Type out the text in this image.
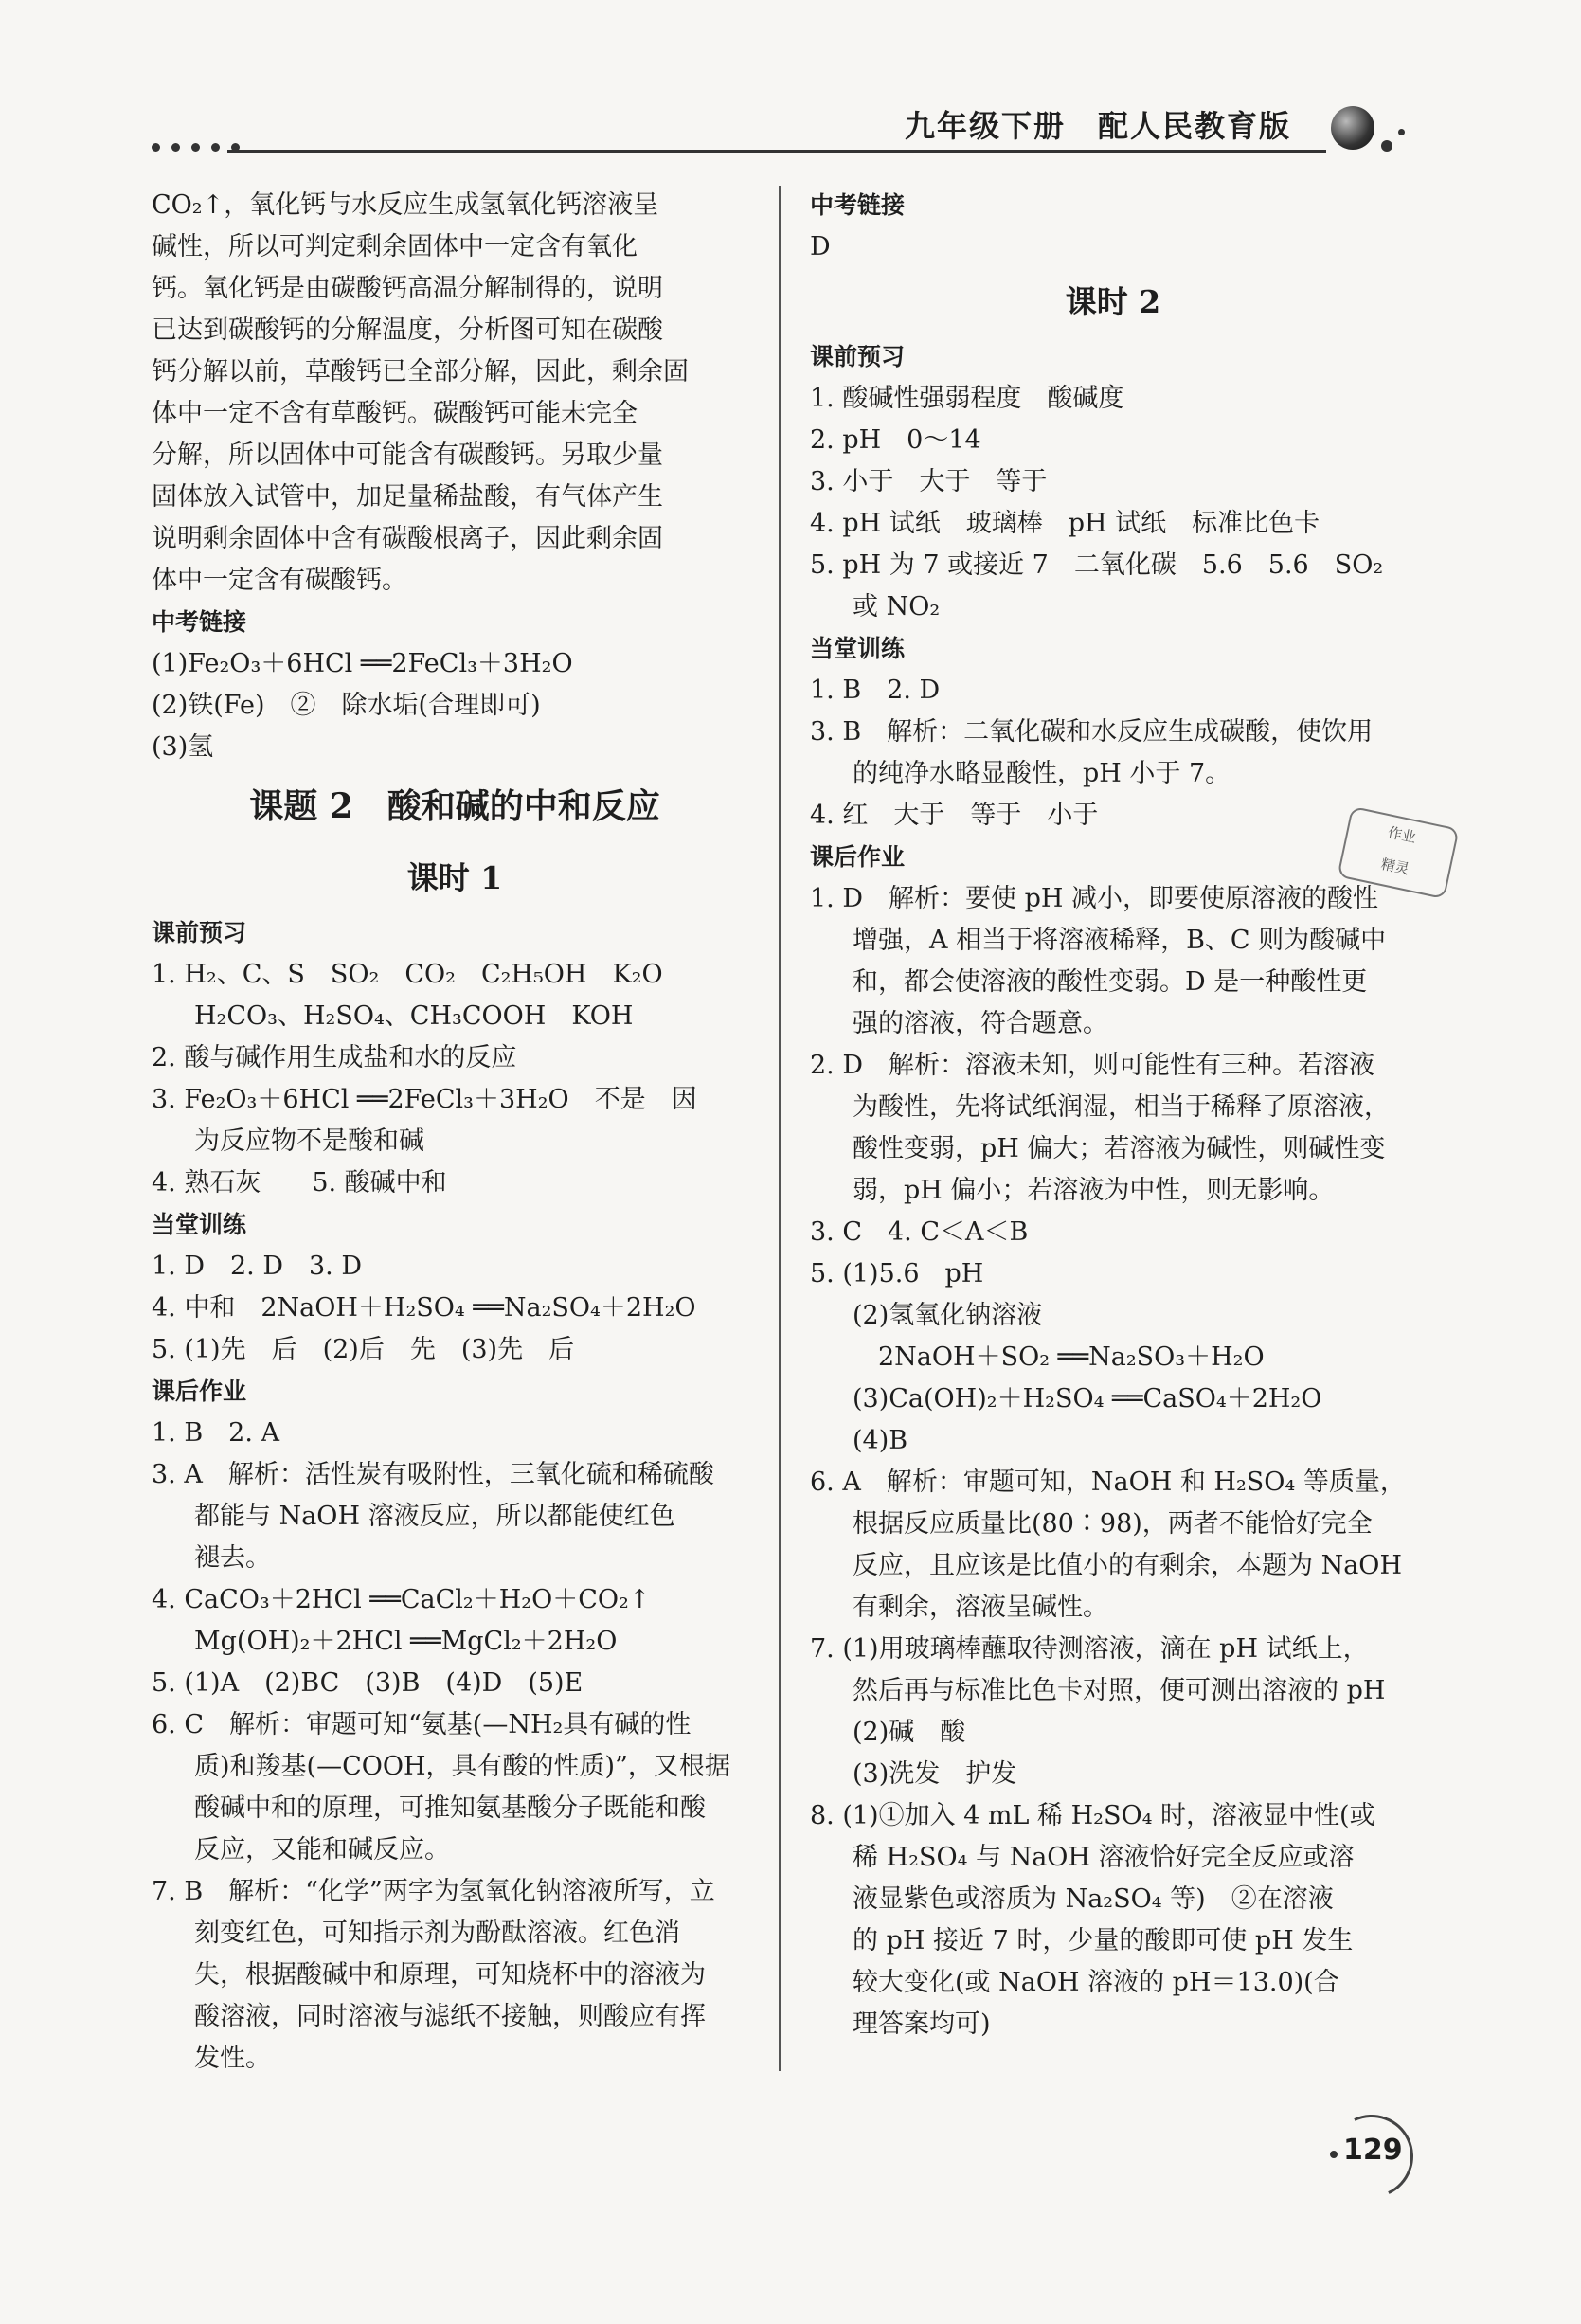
九年级下册　配人民教育版
CO₂↑，氧化钙与水反应生成氢氧化钙溶液呈
碱性，所以可判定剩余固体中一定含有氧化
钙。氧化钙是由碳酸钙高温分解制得的，说明
已达到碳酸钙的分解温度，分析图可知在碳酸
钙分解以前，草酸钙已全部分解，因此，剩余固
体中一定不含有草酸钙。碳酸钙可能未完全
分解，所以固体中可能含有碳酸钙。另取少量
固体放入试管中，加足量稀盐酸，有气体产生
说明剩余固体中含有碳酸根离子，因此剩余固
体中一定含有碳酸钙。
中考链接
(1)Fe₂O₃＋6HCl ══2FeCl₃＋3H₂O
(2)铁(Fe)　②　除水垢(合理即可)
(3)氢
课题 2　酸和碱的中和反应
课时 1
课前预习
1. H₂、C、S　SO₂　CO₂　C₂H₅OH　K₂O
H₂CO₃、H₂SO₄、CH₃COOH　KOH
2. 酸与碱作用生成盐和水的反应
3. Fe₂O₃＋6HCl ══2FeCl₃＋3H₂O　不是　因
为反应物不是酸和碱
4. 熟石灰　　5. 酸碱中和
当堂训练
1. D　2. D　3. D
4. 中和　2NaOH＋H₂SO₄ ══Na₂SO₄＋2H₂O
5. (1)先　后　(2)后　先　(3)先　后
课后作业
1. B　2. A
3. A　解析：活性炭有吸附性，三氧化硫和稀硫酸
都能与 NaOH 溶液反应，所以都能使红色
褪去。
4. CaCO₃＋2HCl ══CaCl₂＋H₂O＋CO₂↑
Mg(OH)₂＋2HCl ══MgCl₂＋2H₂O
5. (1)A　(2)BC　(3)B　(4)D　(5)E
6. C　解析：审题可知“氨基(—NH₂具有碱的性
质)和羧基(—COOH，具有酸的性质)”，又根据
酸碱中和的原理，可推知氨基酸分子既能和酸
反应，又能和碱反应。
7. B　解析：“化学”两字为氢氧化钠溶液所写，立
刻变红色，可知指示剂为酚酞溶液。红色消
失，根据酸碱中和原理，可知烧杯中的溶液为
酸溶液，同时溶液与滤纸不接触，则酸应有挥
发性。
中考链接
D
课时 2
课前预习
1. 酸碱性强弱程度　酸碱度
2. pH　0～14
3. 小于　大于　等于
4. pH 试纸　玻璃棒　pH 试纸　标准比色卡
5. pH 为 7 或接近 7　二氧化碳　5.6　5.6　SO₂
或 NO₂
当堂训练
1. B　2. D
3. B　解析：二氧化碳和水反应生成碳酸，使饮用
的纯净水略显酸性，pH 小于 7。
4. 红　大于　等于　小于
课后作业
1. D　解析：要使 pH 减小，即要使原溶液的酸性
增强，A 相当于将溶液稀释，B、C 则为酸碱中
和，都会使溶液的酸性变弱。D 是一种酸性更
强的溶液，符合题意。
2. D　解析：溶液未知，则可能性有三种。若溶液
为酸性，先将试纸润湿，相当于稀释了原溶液，
酸性变弱，pH 偏大；若溶液为碱性，则碱性变
弱，pH 偏小；若溶液为中性，则无影响。
3. C　4. C＜A＜B
5. (1)5.6　pH
(2)氢氧化钠溶液
　2NaOH＋SO₂ ══Na₂SO₃＋H₂O
(3)Ca(OH)₂＋H₂SO₄ ══CaSO₄＋2H₂O
(4)B
6. A　解析：审题可知，NaOH 和 H₂SO₄ 等质量，
根据反应质量比(80∶98)，两者不能恰好完全
反应，且应该是比值小的有剩余，本题为 NaOH
有剩余，溶液呈碱性。
7. (1)用玻璃棒蘸取待测溶液，滴在 pH 试纸上，
然后再与标准比色卡对照，便可测出溶液的 pH
(2)碱　酸
(3)洗发　护发
8. (1)①加入 4 mL 稀 H₂SO₄ 时，溶液显中性(或
稀 H₂SO₄ 与 NaOH 溶液恰好完全反应或溶
液显紫色或溶质为 Na₂SO₄ 等)　②在溶液
的 pH 接近 7 时，少量的酸即可使 pH 发生
较大变化(或 NaOH 溶液的 pH＝13.0)(合
理答案均可)
作业
精灵
129
